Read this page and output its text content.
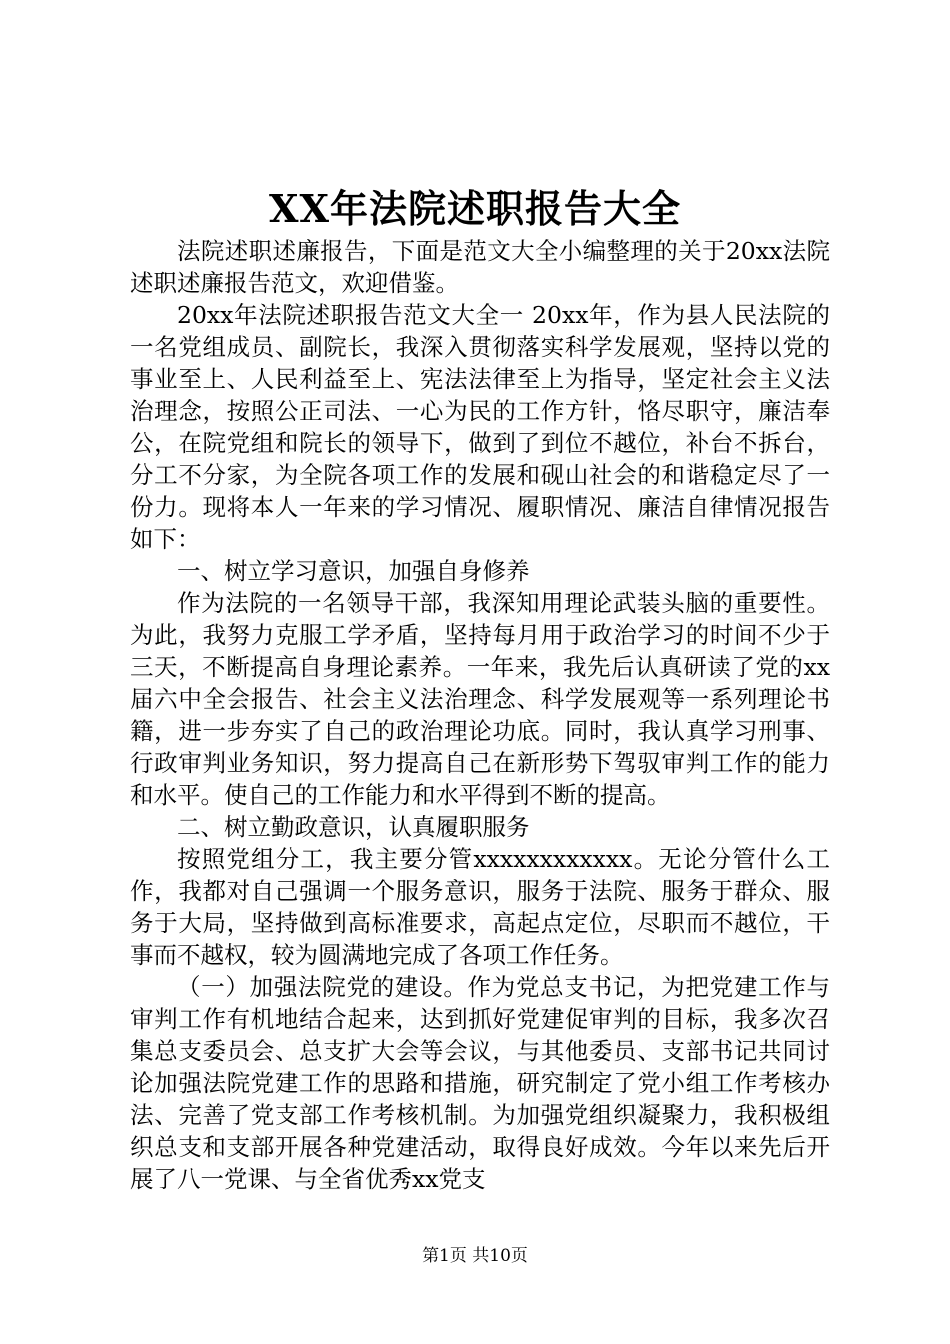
XX年法院述职报告大全

法院述职述廉报告，下面是范文大全小编整理的关于20xx法院述职述廉报告范文，欢迎借鉴。

20xx年法院述职报告范文大全一 20xx年，作为县人民法院的一名党组成员、副院长，我深入贯彻落实科学发展观，坚持以党的事业至上、人民利益至上、宪法法律至上为指导，坚定社会主义法治理念，按照公正司法、一心为民的工作方针，恪尽职守，廉洁奉公，在院党组和院长的领导下，做到了到位不越位，补台不拆台，分工不分家，为全院各项工作的发展和砚山社会的和谐稳定尽了一份力。现将本人一年来的学习情况、履职情况、廉洁自律情况报告如下：

一、树立学习意识，加强自身修养

作为法院的一名领导干部，我深知用理论武装头脑的重要性。为此，我努力克服工学矛盾，坚持每月用于政治学习的时间不少于三天，不断提高自身理论素养。一年来，我先后认真研读了党的xx届六中全会报告、社会主义法治理念、科学发展观等一系列理论书籍，进一步夯实了自己的政治理论功底。同时，我认真学习刑事、行政审判业务知识，努力提高自己在新形势下驾驭审判工作的能力和水平。使自己的工作能力和水平得到不断的提高。

二、树立勤政意识，认真履职服务

按照党组分工，我主要分管xxxxxxxxxxxx。无论分管什么工作，我都对自己强调一个服务意识，服务于法院、服务于群众、服务于大局，坚持做到高标准要求，高起点定位，尽职而不越位，干事而不越权，较为圆满地完成了各项工作任务。

（一）加强法院党的建设。作为党总支书记，为把党建工作与审判工作有机地结合起来，达到抓好党建促审判的目标，我多次召集总支委员会、总支扩大会等会议，与其他委员、支部书记共同讨论加强法院党建工作的思路和措施，研究制定了党小组工作考核办法、完善了党支部工作考核机制。为加强党组织凝聚力，我积极组织总支和支部开展各种党建活动，取得良好成效。今年以来先后开展了八一党课、与全省优秀xx党支

第1页 共10页
